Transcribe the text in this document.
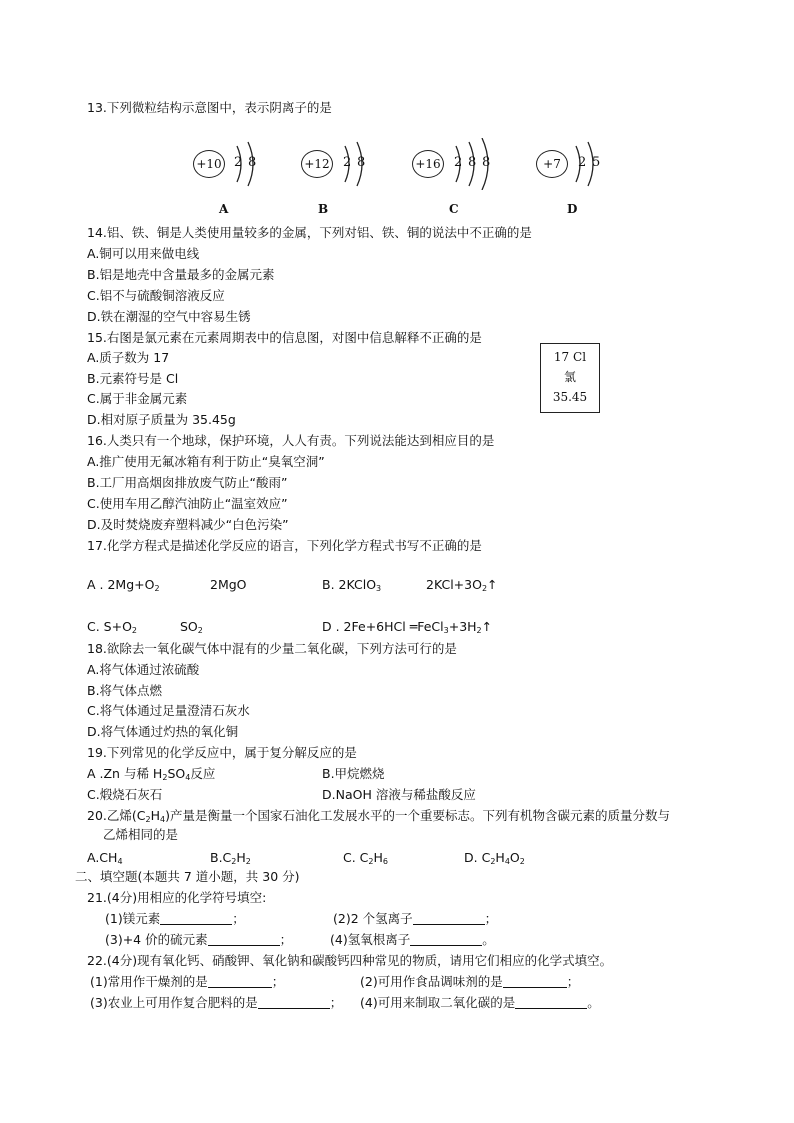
13.下列微粒结构示意图中，表示阴离子的是
+10 2 8
A
+12 2 8
B
+16 2 8 8
C
+7	2 5
D
14.铝、铁、铜是人类使用量较多的金属，下列对铝、铁、铜的说法中不正确的是
A.铜可以用来做电线
B.铝是地壳中含量最多的金属元素
C.铝不与硫酸铜溶液反应
D.铁在潮湿的空气中容易生锈
15.右图是氯元素在元素周期表中的信息图，对图中信息解释不正确的是
A.质子数为 17
B.元素符号是 Cl
C.属于非金属元素
D.相对原子质量为 35.45g
17 Cl
氯
35.45
16.人类只有一个地球，保护环境，人人有责。下列说法能达到相应目的是
A.推广使用无氟冰箱有利于防止“臭氧空洞”
B.工厂用高烟囱排放废气防止“酸雨”
C.使用车用乙醇汽油防止“温室效应”
D.及时焚烧废弃塑料减少“白色污染”
17.化学方程式是描述化学反应的语言，下列化学方程式书写不正确的是
A . $2Mg+O_2$	2MgO	B. 2KClO$_3$	$2KCl+3O_2↑$
C. $S+O_2$	$SO_2$	D . 2Fe+6HCl $═FeCl_3+3H_2↑$
18.欲除去一氧化碳气体中混有的少量二氧化碳，下列方法可行的是
A.将气体通过浓硫酸
B.将气体点燃
C.将气体通过足量澄清石灰水
D.将气体通过灼热的氧化铜
19.下列常见的化学反应中，属于复分解反应的是
A .Zn 与稀 $H_2SO_4$反应	B.甲烷燃烧
C.煅烧石灰石	D.NaOH 溶液与稀盐酸反应
20.乙烯$(C_2H_4)$产量是衡量一个国家石油化工发展水平的一个重要标志。下列有机物含碳元素的质量分数与
乙烯相同的是
$A.CH_4$	$B.C_2H_2$	C. $C_2H_6$	D. $C_2H_4O_2$
二、填空题(本题共 7 道小题，共 30 分)
21.(4分)用相应的化学符号填空:
(1)镁元素	；	(2)2 个氢离子	；
(3)+4 价的硫元素	；	(4)氢氧根离子	。
22.(4分)现有氧化钙、硝酸钾、氧化钠和碳酸钙四种常见的物质，请用它们相应的化学式填空。
(1)常用作干燥剂的是	；	(2)可用作食品调味剂的是	；
(3)农业上可用作复合肥料的是	； (4)可用来制取二氧化碳的是	。
